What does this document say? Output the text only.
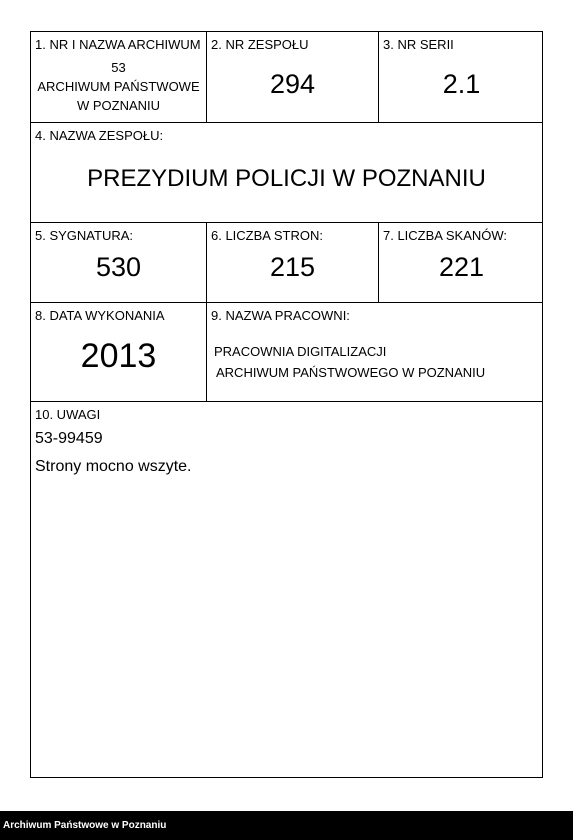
1. NR I NAZWA ARCHIWUM
53
ARCHIWUM PAŃSTWOWE
W POZNANIU
2. NR ZESPOŁU
294
3. NR SERII
2.1
4. NAZWA ZESPOŁU:
PREZYDIUM POLICJI W POZNANIU
5. SYGNATURA:
530
6. LICZBA STRON:
215
7. LICZBA SKANÓW:
221
8. DATA WYKONANIA
2013
9. NAZWA PRACOWNI:
PRACOWNIA DIGITALIZACJI
ARCHIWUM PAŃSTWOWEGO W POZNANIU
10. UWAGI
53-99459
Strony mocno wszyte.
Archiwum Państwowe w Poznaniu
